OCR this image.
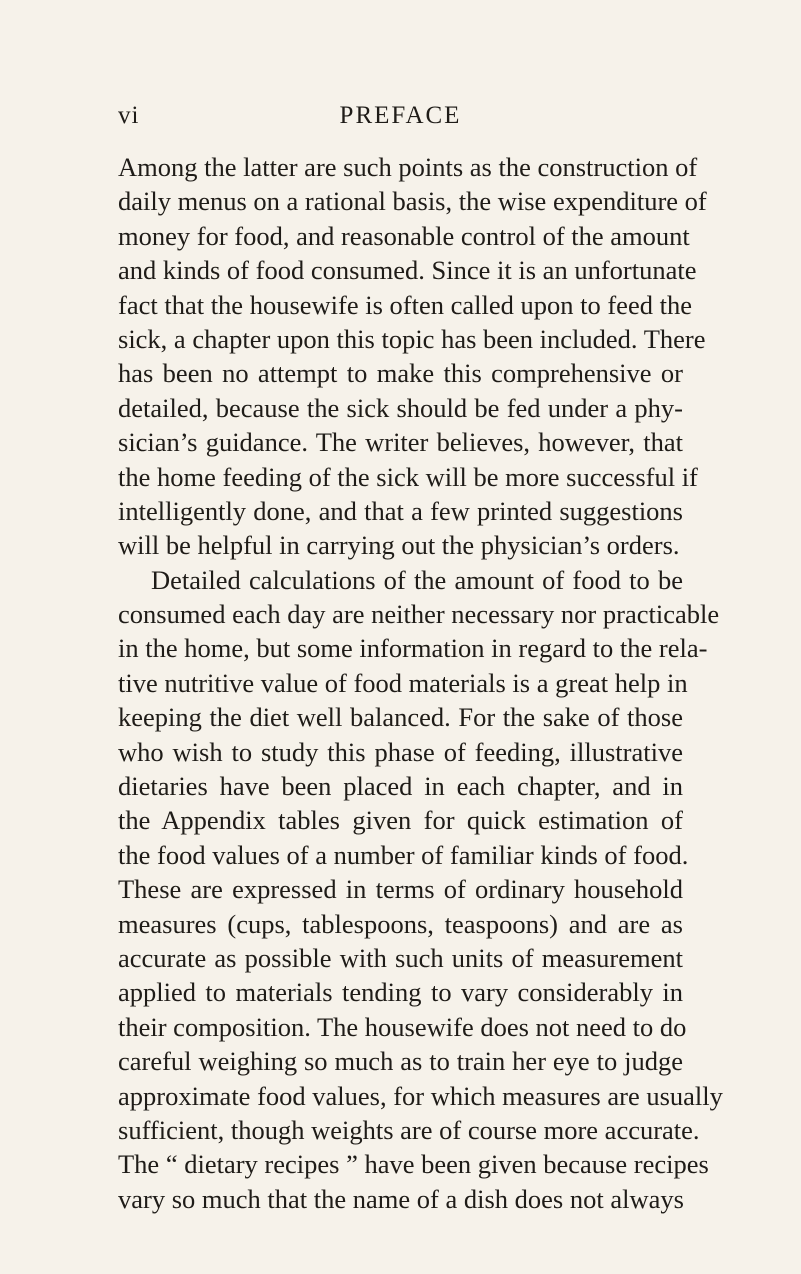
vi	PREFACE
Among the latter are such points as the construction of
daily menus on a rational basis, the wise expenditure of
money for food, and reasonable control of the amount
and kinds of food consumed. Since it is an unfortunate
fact that the housewife is often called upon to feed the
sick, a chapter upon this topic has been included. There
has been no attempt to make this comprehensive or
detailed, because the sick should be fed under a phy-
sician’s guidance. The writer believes, however, that
the home feeding of the sick will be more successful if
intelligently done, and that a few printed suggestions
will be helpful in carrying out the physician’s orders.
Detailed calculations of the amount of food to be
consumed each day are neither necessary nor practicable
in the home, but some information in regard to the rela-
tive nutritive value of food materials is a great help in
keeping the diet well balanced. For the sake of those
who wish to study this phase of feeding, illustrative
dietaries have been placed in each chapter, and in
the Appendix tables given for quick estimation of
the food values of a number of familiar kinds of food.
These are expressed in terms of ordinary household
measures (cups, tablespoons, teaspoons) and are as
accurate as possible with such units of measurement
applied to materials tending to vary considerably in
their composition. The housewife does not need to do
careful weighing so much as to train her eye to judge
approximate food values, for which measures are usually
sufficient, though weights are of course more accurate.
The “ dietary recipes ” have been given because recipes
vary so much that the name of a dish does not always
